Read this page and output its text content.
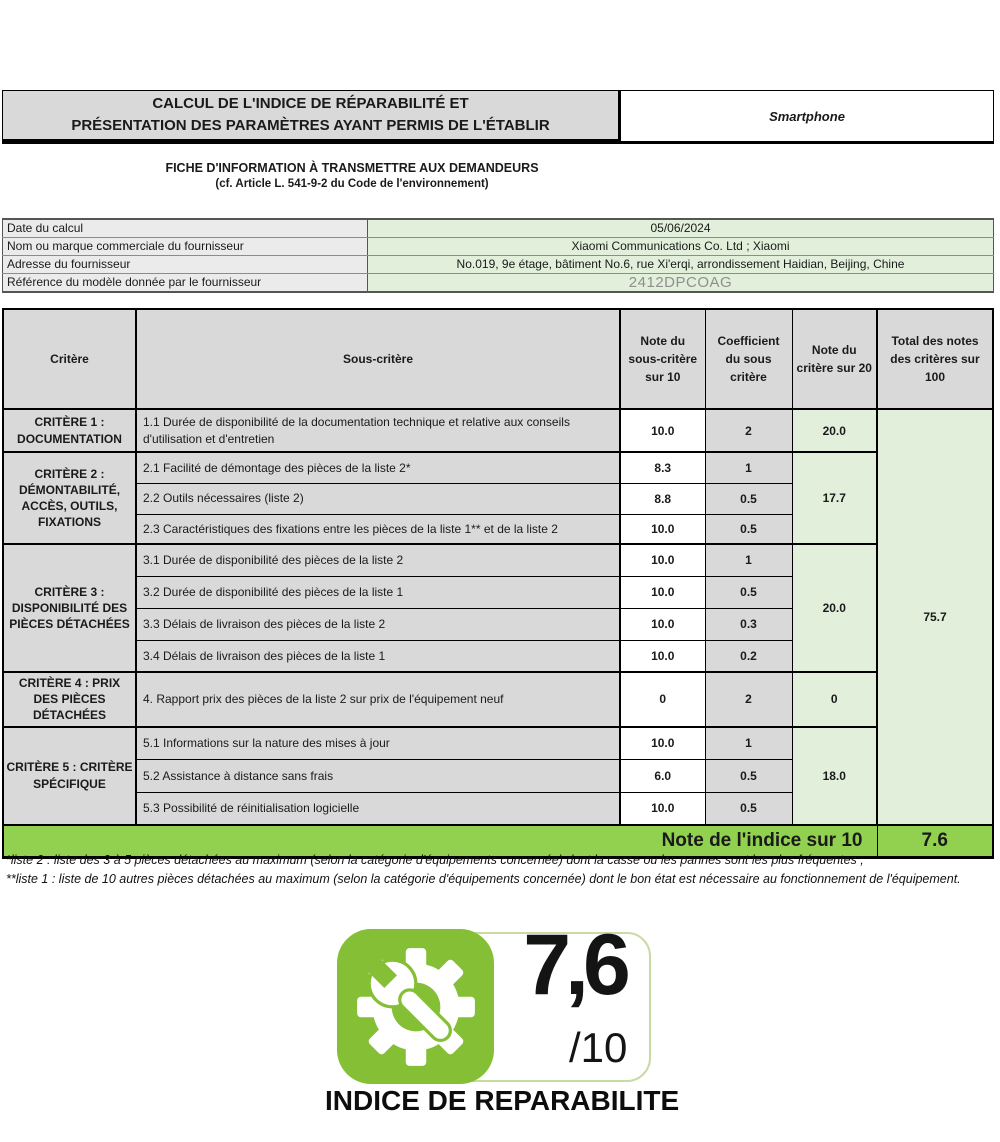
CALCUL DE L'INDICE DE RÉPARABILITÉ ET
PRÉSENTATION DES PARAMÈTRES AYANT PERMIS DE L'ÉTABLIR
Smartphone
FICHE D'INFORMATION À TRANSMETTRE AUX DEMANDEURS
(cf. Article L. 541-9-2 du Code de l'environnement)
Date du calcul	05/06/2024
Nom ou marque commerciale du fournisseur	Xiaomi Communications Co. Ltd ; Xiaomi
Adresse du fournisseur	No.019, 9e étage, bâtiment No.6, rue Xi'erqi, arrondissement Haidian, Beijing, Chine
Référence du modèle donnée par le fournisseur	2412DPCOAG
Critère	Sous-critère	Note du sous-critère sur 10	Coefficient du sous critère	Note du critère sur 20	Total des notes des critères sur 100
CRITÈRE 1 : DOCUMENTATION	1.1 Durée de disponibilité de la documentation technique et relative aux conseils d'utilisation et d'entretien	10.0	2	20.0	75.7
CRITÈRE 2 : DÉMONTABILITÉ, ACCÈS, OUTILS, FIXATIONS	2.1 Facilité de démontage des pièces de la liste 2*	8.3	1	17.7	
	2.2 Outils nécessaires (liste 2)	8.8	0.5		
	2.3 Caractéristiques des fixations entre les pièces de la liste 1** et de la liste 2	10.0	0.5		
CRITÈRE 3 : DISPONIBILITÉ DES PIÈCES DÉTACHÉES	3.1 Durée de disponibilité des pièces de la liste 2	10.0	1	20.0	
	3.2 Durée de disponibilité des pièces de la liste 1	10.0	0.5		
	3.3 Délais de livraison des pièces de la liste 2	10.0	0.3		
	3.4 Délais de livraison des pièces de la liste 1	10.0	0.2		
CRITÈRE 4 : PRIX DES PIÈCES DÉTACHÉES	4. Rapport prix des pièces de la liste 2 sur prix de l'équipement neuf	0	2	0	
CRITÈRE 5 : CRITÈRE SPÉCIFIQUE	5.1 Informations sur la nature des mises à jour	10.0	1	18.0	
	5.2 Assistance à distance sans frais	6.0	0.5		
	5.3 Possibilité de réinitialisation logicielle	10.0	0.5		
Note de l'indice sur 10					7.6
*liste 2 : liste des 3 à 5 pièces détachées au maximum (selon la catégorie d'équipements concernée) dont la casse ou les pannes sont les plus fréquentes ;
**liste 1 : liste de 10 autres pièces détachées au maximum (selon la catégorie d'équipements concernée) dont le bon état est nécessaire au fonctionnement de l'équipement.
7,6
/10
INDICE DE REPARABILITE
